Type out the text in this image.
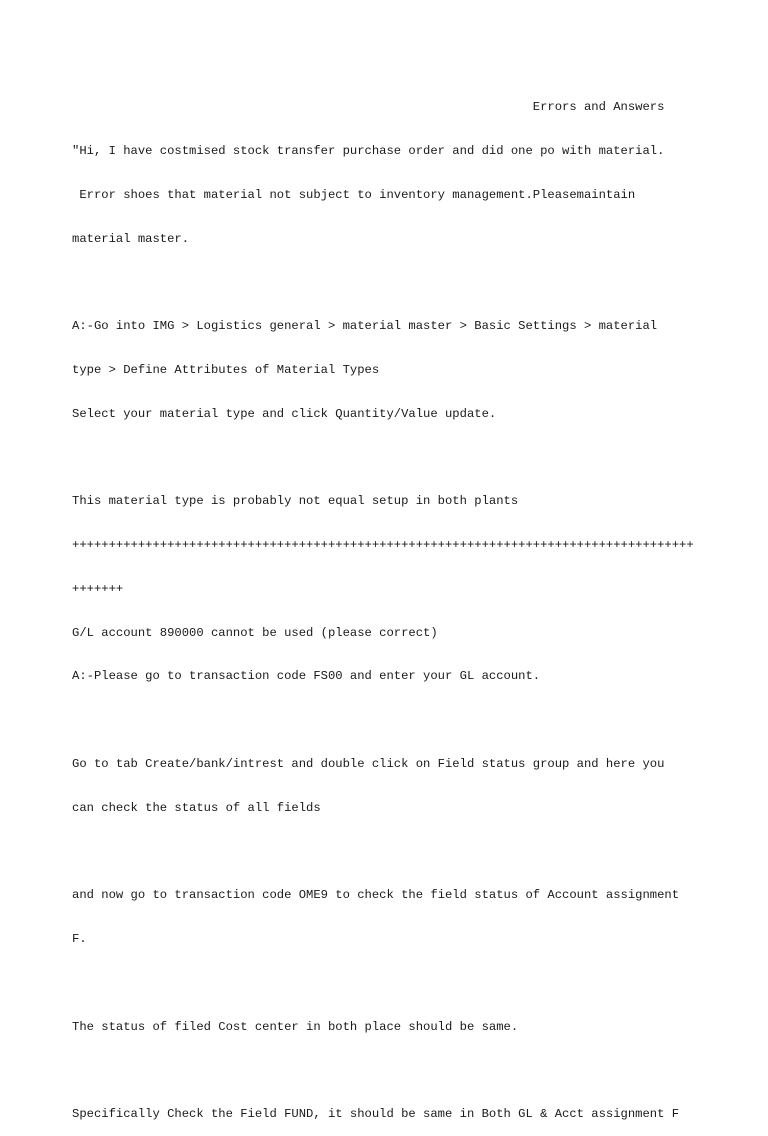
Errors and Answers

"Hi, I have costmised stock transfer purchase order and did one po with material.

Error shoes that material not subject to inventory management.Pleasemaintain

material master.

A:-Go into IMG > Logistics general > material master > Basic Settings > material

type > Define Attributes of Material Types

Select your material type and click Quantity/Value update.

This material type is probably not equal setup in both plants

+++++++++++++++++++++++++++++++++++++++++++++++++++++++++++++++++++++++++++++++++++++

+++++++

G/L account 890000 cannot be used (please correct)

A:-Please go to transaction code FS00 and enter your GL account.

Go to tab Create/bank/intrest and double click on Field status group and here you

can check the status of all fields

and now go to transaction code OME9 to check the field status of Account assignment

F.

The status of filed Cost center in both place should be same.

Specifically Check the Field FUND, it should be same in Both GL & Acct assignment F
